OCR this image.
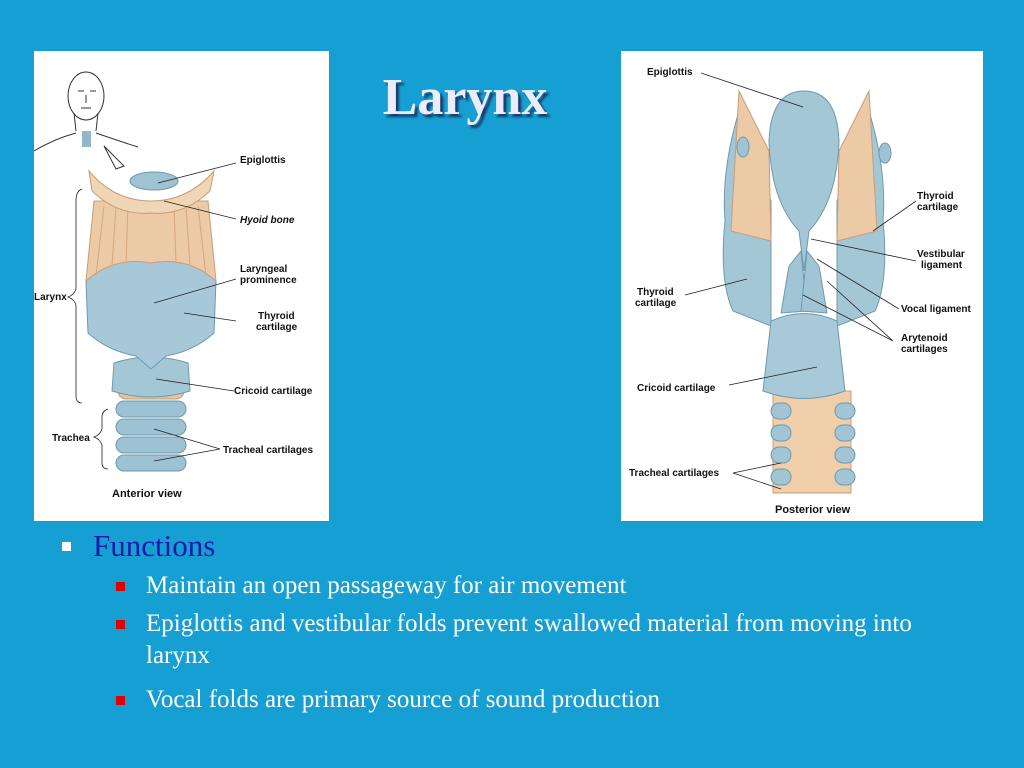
Larynx
Epiglottis
Hyoid bone
Laryngeal
prominence
Thyroid
cartilage
Cricoid cartilage
Tracheal cartilages
Larynx
Trachea
Anterior view
Epiglottis
Thyroid
cartilage
Vestibular
ligament
Vocal ligament
Arytenoid
cartilages
Thyroid
cartilage
Cricoid cartilage
Tracheal cartilages
Posterior view
Functions
Maintain an open passageway for air movement
Epiglottis and vestibular folds prevent swallowed material from moving into larynx
Vocal folds are primary source of sound production
